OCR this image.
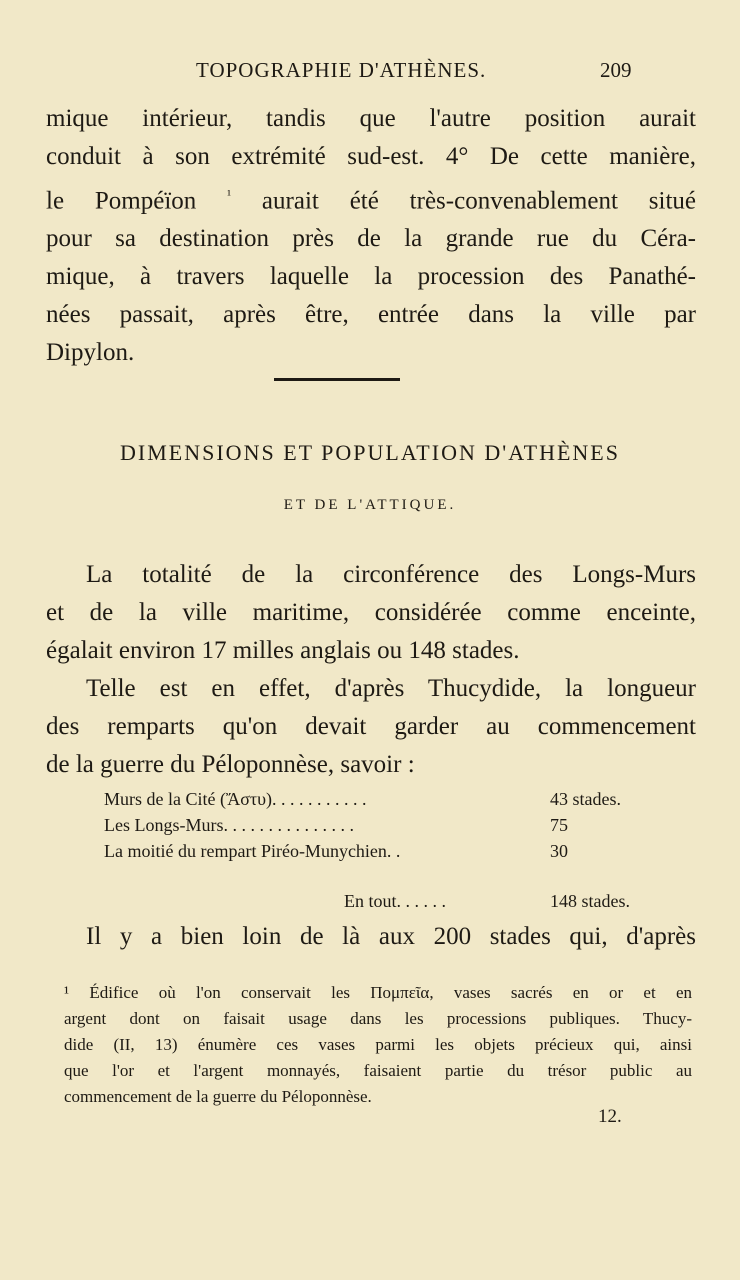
TOPOGRAPHIE D'ATHÈNES.	209
mique intérieur, tandis que l'autre position aurait
conduit à son extrémité sud-est. 4° De cette manière,
le Pompéïon $^{^1}$ aurait été très-convenablement situé
pour sa destination près de la grande rue du Céra-
mique, à travers laquelle la procession des Panathé-
nées passait, après être, entrée dans la ville par
Dipylon.
DIMENSIONS ET POPULATION D'ATHÈNES
ET DE L'ATTIQUE.
La totalité de la circonférence des Longs-Murs
et de la ville maritime, considérée comme enceinte,
égalait environ 17 milles anglais ou 148 stades.
Telle est en effet, d'après Thucydide, la longueur
des remparts qu'on devait garder au commencement
de la guerre du Péloponnèse, savoir :
Murs de la Cité (Ἄστυ). . . . . . . . . . .	43 stades.
Les Longs-Murs. . . . . . . . . . . . . . .	75
La moitié du rempart Piréo-Munychien. .	30
En tout. . . . . .	148 stades.
Il y a bien loin de là aux 200 stades qui, d'après
¹ Édifice où l'on conservait les Πομπεῖα, vases sacrés en or et en
argent dont on faisait usage dans les processions publiques. Thucy-
dide (II, 13) énumère ces vases parmi les objets précieux qui, ainsi
que l'or et l'argent monnayés, faisaient partie du trésor public au
commencement de la guerre du Péloponnèse.
12.
